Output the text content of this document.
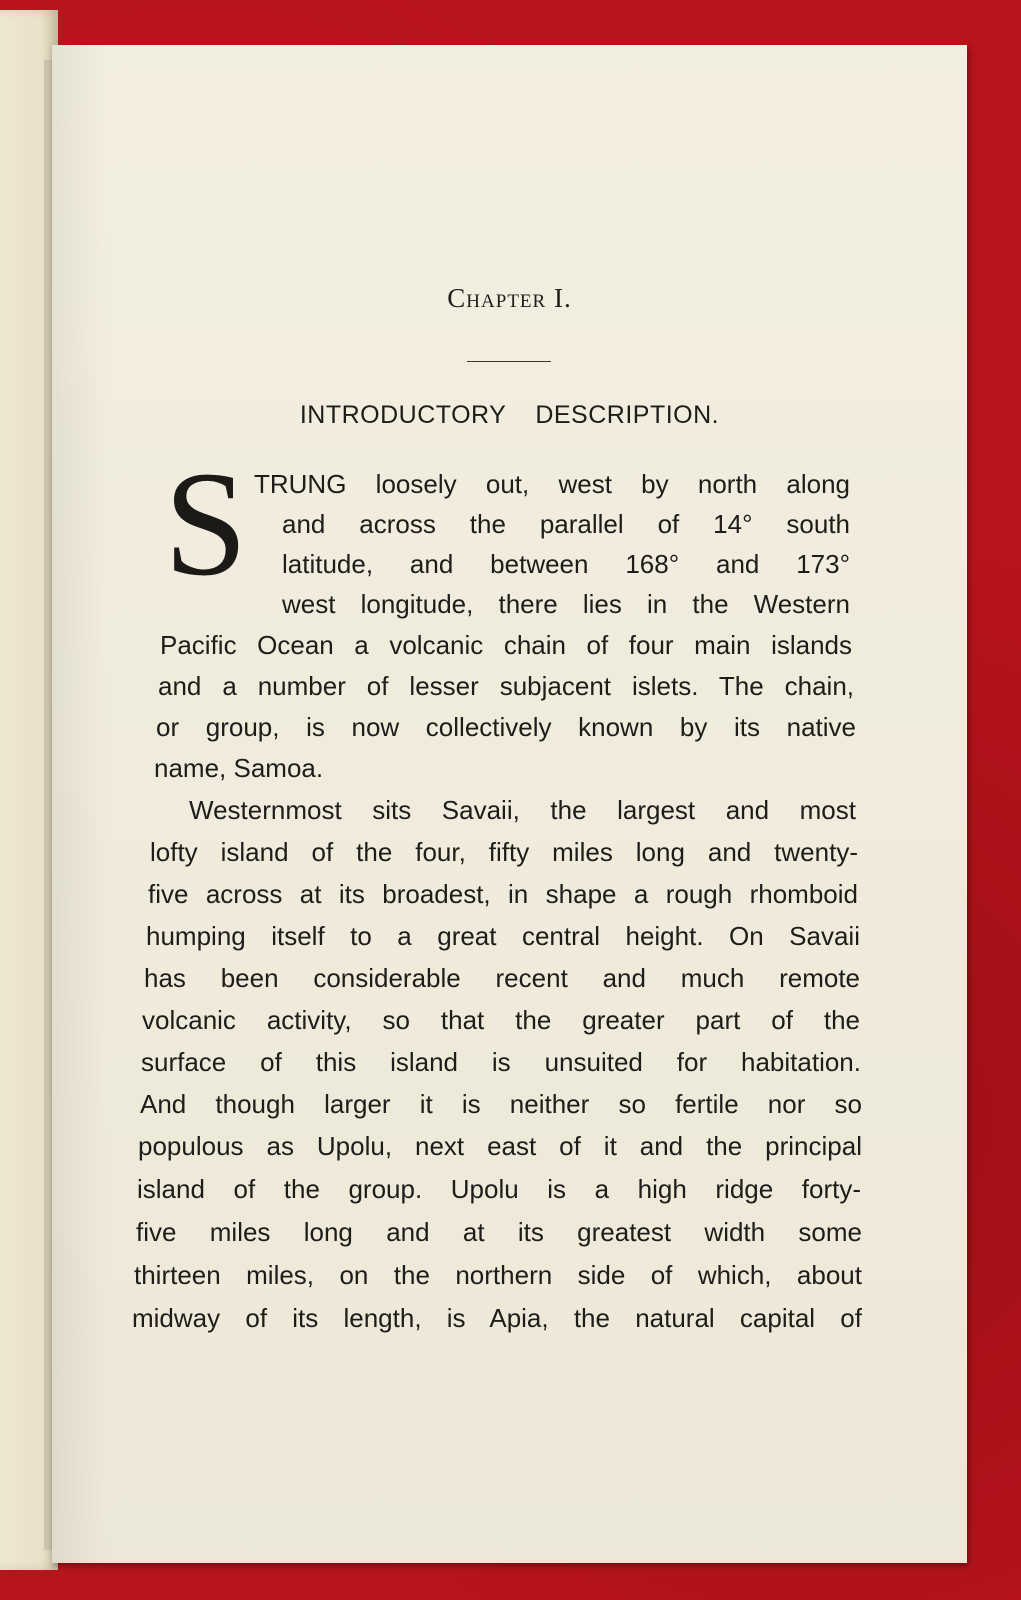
Chapter I.
INTRODUCTORY DESCRIPTION.
S TRUNG loosely out, west by north along
and across the parallel of 14° south
latitude, and between 168° and 173°
west longitude, there lies in the Western
Pacific Ocean a volcanic chain of four main islands
and a number of lesser subjacent islets. The chain,
or group, is now collectively known by its native
name, Samoa.
Westernmost sits Savaii, the largest and most
lofty island of the four, fifty miles long and twenty-
five across at its broadest, in shape a rough rhomboid
humping itself to a great central height. On Savaii
has been considerable recent and much remote
volcanic activity, so that the greater part of the
surface of this island is unsuited for habitation.
And though larger it is neither so fertile nor so
populous as Upolu, next east of it and the principal
island of the group. Upolu is a high ridge forty-
five miles long and at its greatest width some
thirteen miles, on the northern side of which, about
midway of its length, is Apia, the natural capital of
